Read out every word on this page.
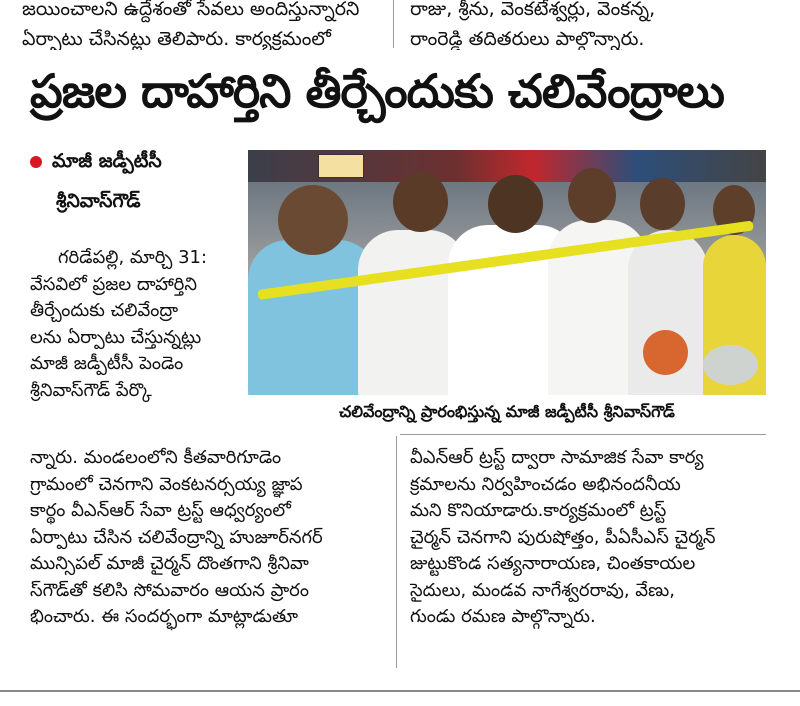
జయించాలని ఉద్దేశంతో సేవలు అందిస్తున్నారని
ఏర్పాటు చేసినట్లు తెలిపారు. కార్యక్రమంలో
రాజు, శ్రీను, వెంకటేశ్వర్లు, వెంకన్న,
రాంరెడ్డి తదితరులు పాల్గొన్నారు.
ప్రజల దాహార్తిని తీర్చేందుకు చలివేంద్రాలు
మాజీ జడ్పీటీసీ
శ్రీనివాస్‌గౌడ్
చలివేంద్రాన్ని ప్రారంభిస్తున్న మాజీ జడ్పీటీసీ శ్రీనివాస్‌గౌడ్
గరిడేపల్లి, మార్చి 31:
వేసవిలో ప్రజల దాహార్తిని
తీర్చేందుకు చలివేంద్రా
లను ఏర్పాటు చేస్తున్నట్లు
మాజీ జడ్పీటీసీ పెండెం
శ్రీనివాస్‌గౌడ్ పేర్కొ
న్నారు. మండలంలోని కీతవారిగూడెం
గ్రామంలో చెనగాని వెంకటనర్సయ్య జ్ఞాప
కార్థం వీఎన్ఆర్ సేవా ట్రస్ట్ ఆధ్వర్యంలో
ఏర్పాటు చేసిన చలివేంద్రాన్ని హుజూర్‌నగర్
మున్సిపల్ మాజీ చైర్మన్ దొంతగాని శ్రీనివా
స్‌గౌడ్‌తో కలిసి సోమవారం ఆయన ప్రారం
భించారు. ఈ సందర్భంగా మాట్లాడుతూ
వీఎన్ఆర్ ట్రస్ట్ ద్వారా సామాజిక సేవా కార్య
క్రమాలను నిర్వహించడం అభినందనీయ
మని కొనియాడారు.కార్యక్రమంలో ట్రస్ట్
చైర్మన్ చెనగాని పురుషోత్తం, పీఏసీఎస్ చైర్మన్
జుట్టుకొండ సత్యనారాయణ, చింతకాయల
సైదులు, మండవ నాగేశ్వరరావు, వేణు,
గుండు రమణ పాల్గొన్నారు.
